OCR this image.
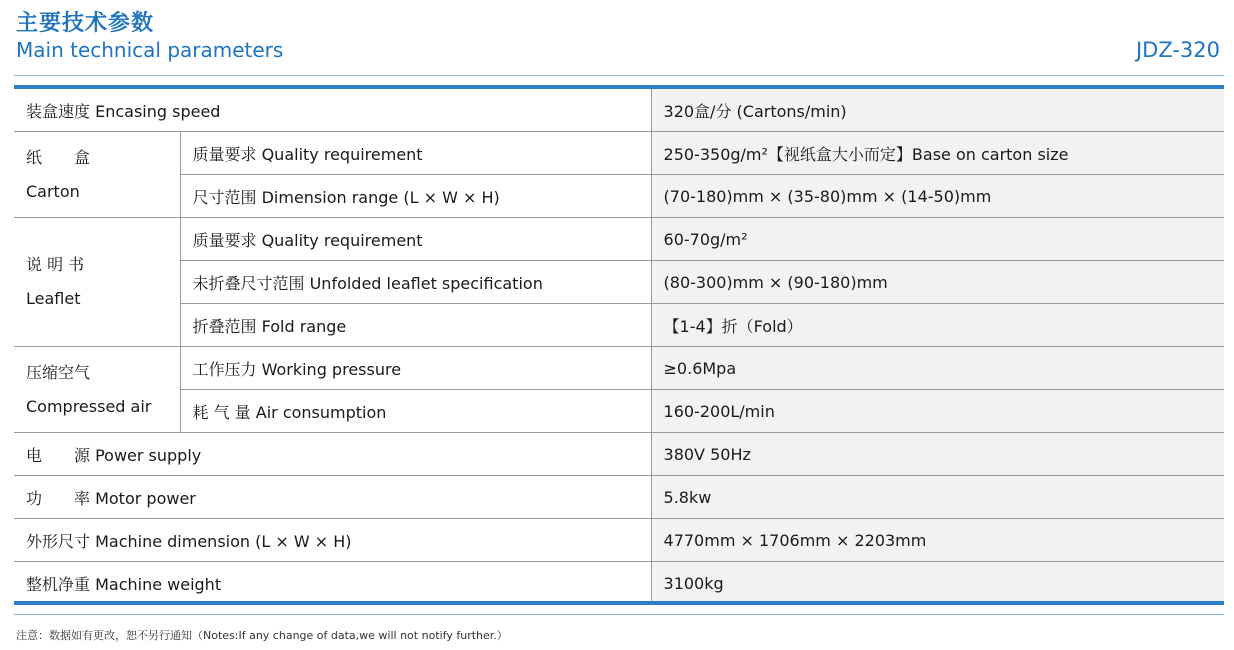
主要技术参数
Main technical parameters	JDZ-320
装盒速度 Encasing speed		320盒/分 (Cartons/min)

纸　　盒
Carton	质量要求 Quality requirement	250-350g/m²【视纸盒大小而定】Base on carton size
	尺寸范围 Dimension range (L × W × H)	(70-180)mm × (35-80)mm × (14-50)mm

说 明 书
Leaflet	质量要求 Quality requirement	60-70g/m²
	未折叠尺寸范围 Unfolded leaflet specification	(80-300)mm × (90-180)mm
	折叠范围 Fold range	【1-4】折（Fold）

压缩空气
Compressed air	工作压力 Working pressure	≥0.6Mpa
	耗 气 量 Air consumption	160-200L/min
电　　源 Power supply		380V 50Hz
功　　率 Motor power		5.8kw
外形尺寸 Machine dimension (L × W × H)		4770mm × 1706mm × 2203mm
整机净重 Machine weight		3100kg
注意：数据如有更改，恕不另行通知（Notes:If any change of data,we will not notify further.）
